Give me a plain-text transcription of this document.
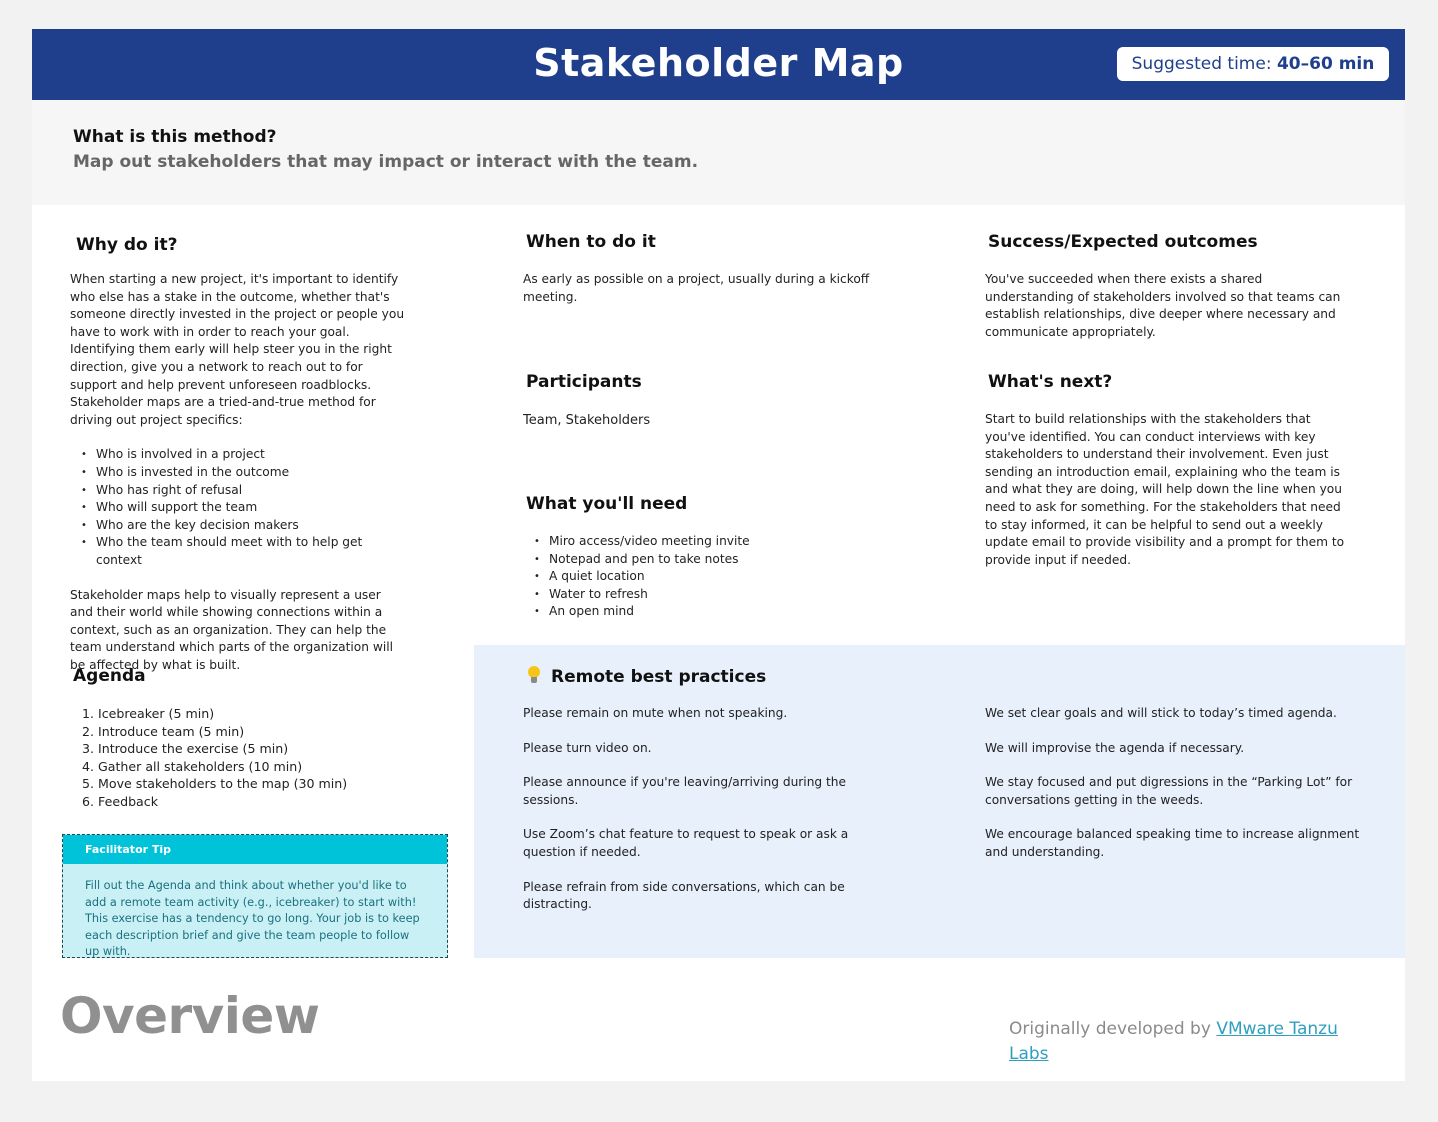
Stakeholder Map	Suggested time: 40–60 min
What is this method?
Map out stakeholders that may impact or interact with the team.
Why do it?

When starting a new project, it's important to identify who else has a stake in the outcome, whether that's someone directly invested in the project or people you have to work with in order to reach your goal. Identifying them early will help steer you in the right direction, give you a network to reach out to for support and help prevent unforeseen roadblocks. Stakeholder maps are a tried-and-true method for driving out project specifics:

• Who is involved in a project
• Who is invested in the outcome
• Who has right of refusal
• Who will support the team
• Who are the key decision makers
• Who the team should meet with to help get context

Stakeholder maps help to visually represent a user and their world while showing connections within a context, such as an organization. They can help the team understand which parts of the organization will be affected by what is built.

When to do it
As early as possible on a project, usually during a kickoff meeting.
Participants
Team, Stakeholders
What you'll need
• Miro access/video meeting invite
• Notepad and pen to take notes
• A quiet location
• Water to refresh
• An open mind
Success/Expected outcomes
You've succeeded when there exists a shared understanding of stakeholders involved so that teams can establish relationships, dive deeper where necessary and communicate appropriately.
What's next?
Start to build relationships with the stakeholders that you've identified. You can conduct interviews with key stakeholders to understand their involvement. Even just sending an introduction email, explaining who the team is and what they are doing, will help down the line when you need to ask for something. For the stakeholders that need to stay informed, it can be helpful to send out a weekly update email to provide visibility and a prompt for them to provide input if needed.
Agenda
1. Icebreaker (5 min)
2. Introduce team (5 min)
3. Introduce the exercise (5 min)
4. Gather all stakeholders (10 min)
5. Move stakeholders to the map (30 min)
6. Feedback
Facilitator Tip
Fill out the Agenda and think about whether you'd like to add a remote team activity (e.g., icebreaker) to start with!
This exercise has a tendency to go long. Your job is to keep each description brief and give the team people to follow up with.
Remote best practices

Please remain on mute when not speaking.

Please turn video on.

Please announce if you're leaving/arriving during the sessions.

Use Zoom’s chat feature to request to speak or ask a question if needed.

Please refrain from side conversations, which can be distracting.

We set clear goals and will stick to today’s timed agenda.

We will improvise the agenda if necessary.

We stay focused and put digressions in the “Parking Lot” for conversations getting in the weeds.

We encourage balanced speaking time to increase alignment and understanding.

Overview	Originally developed by VMware Tanzu Labs
